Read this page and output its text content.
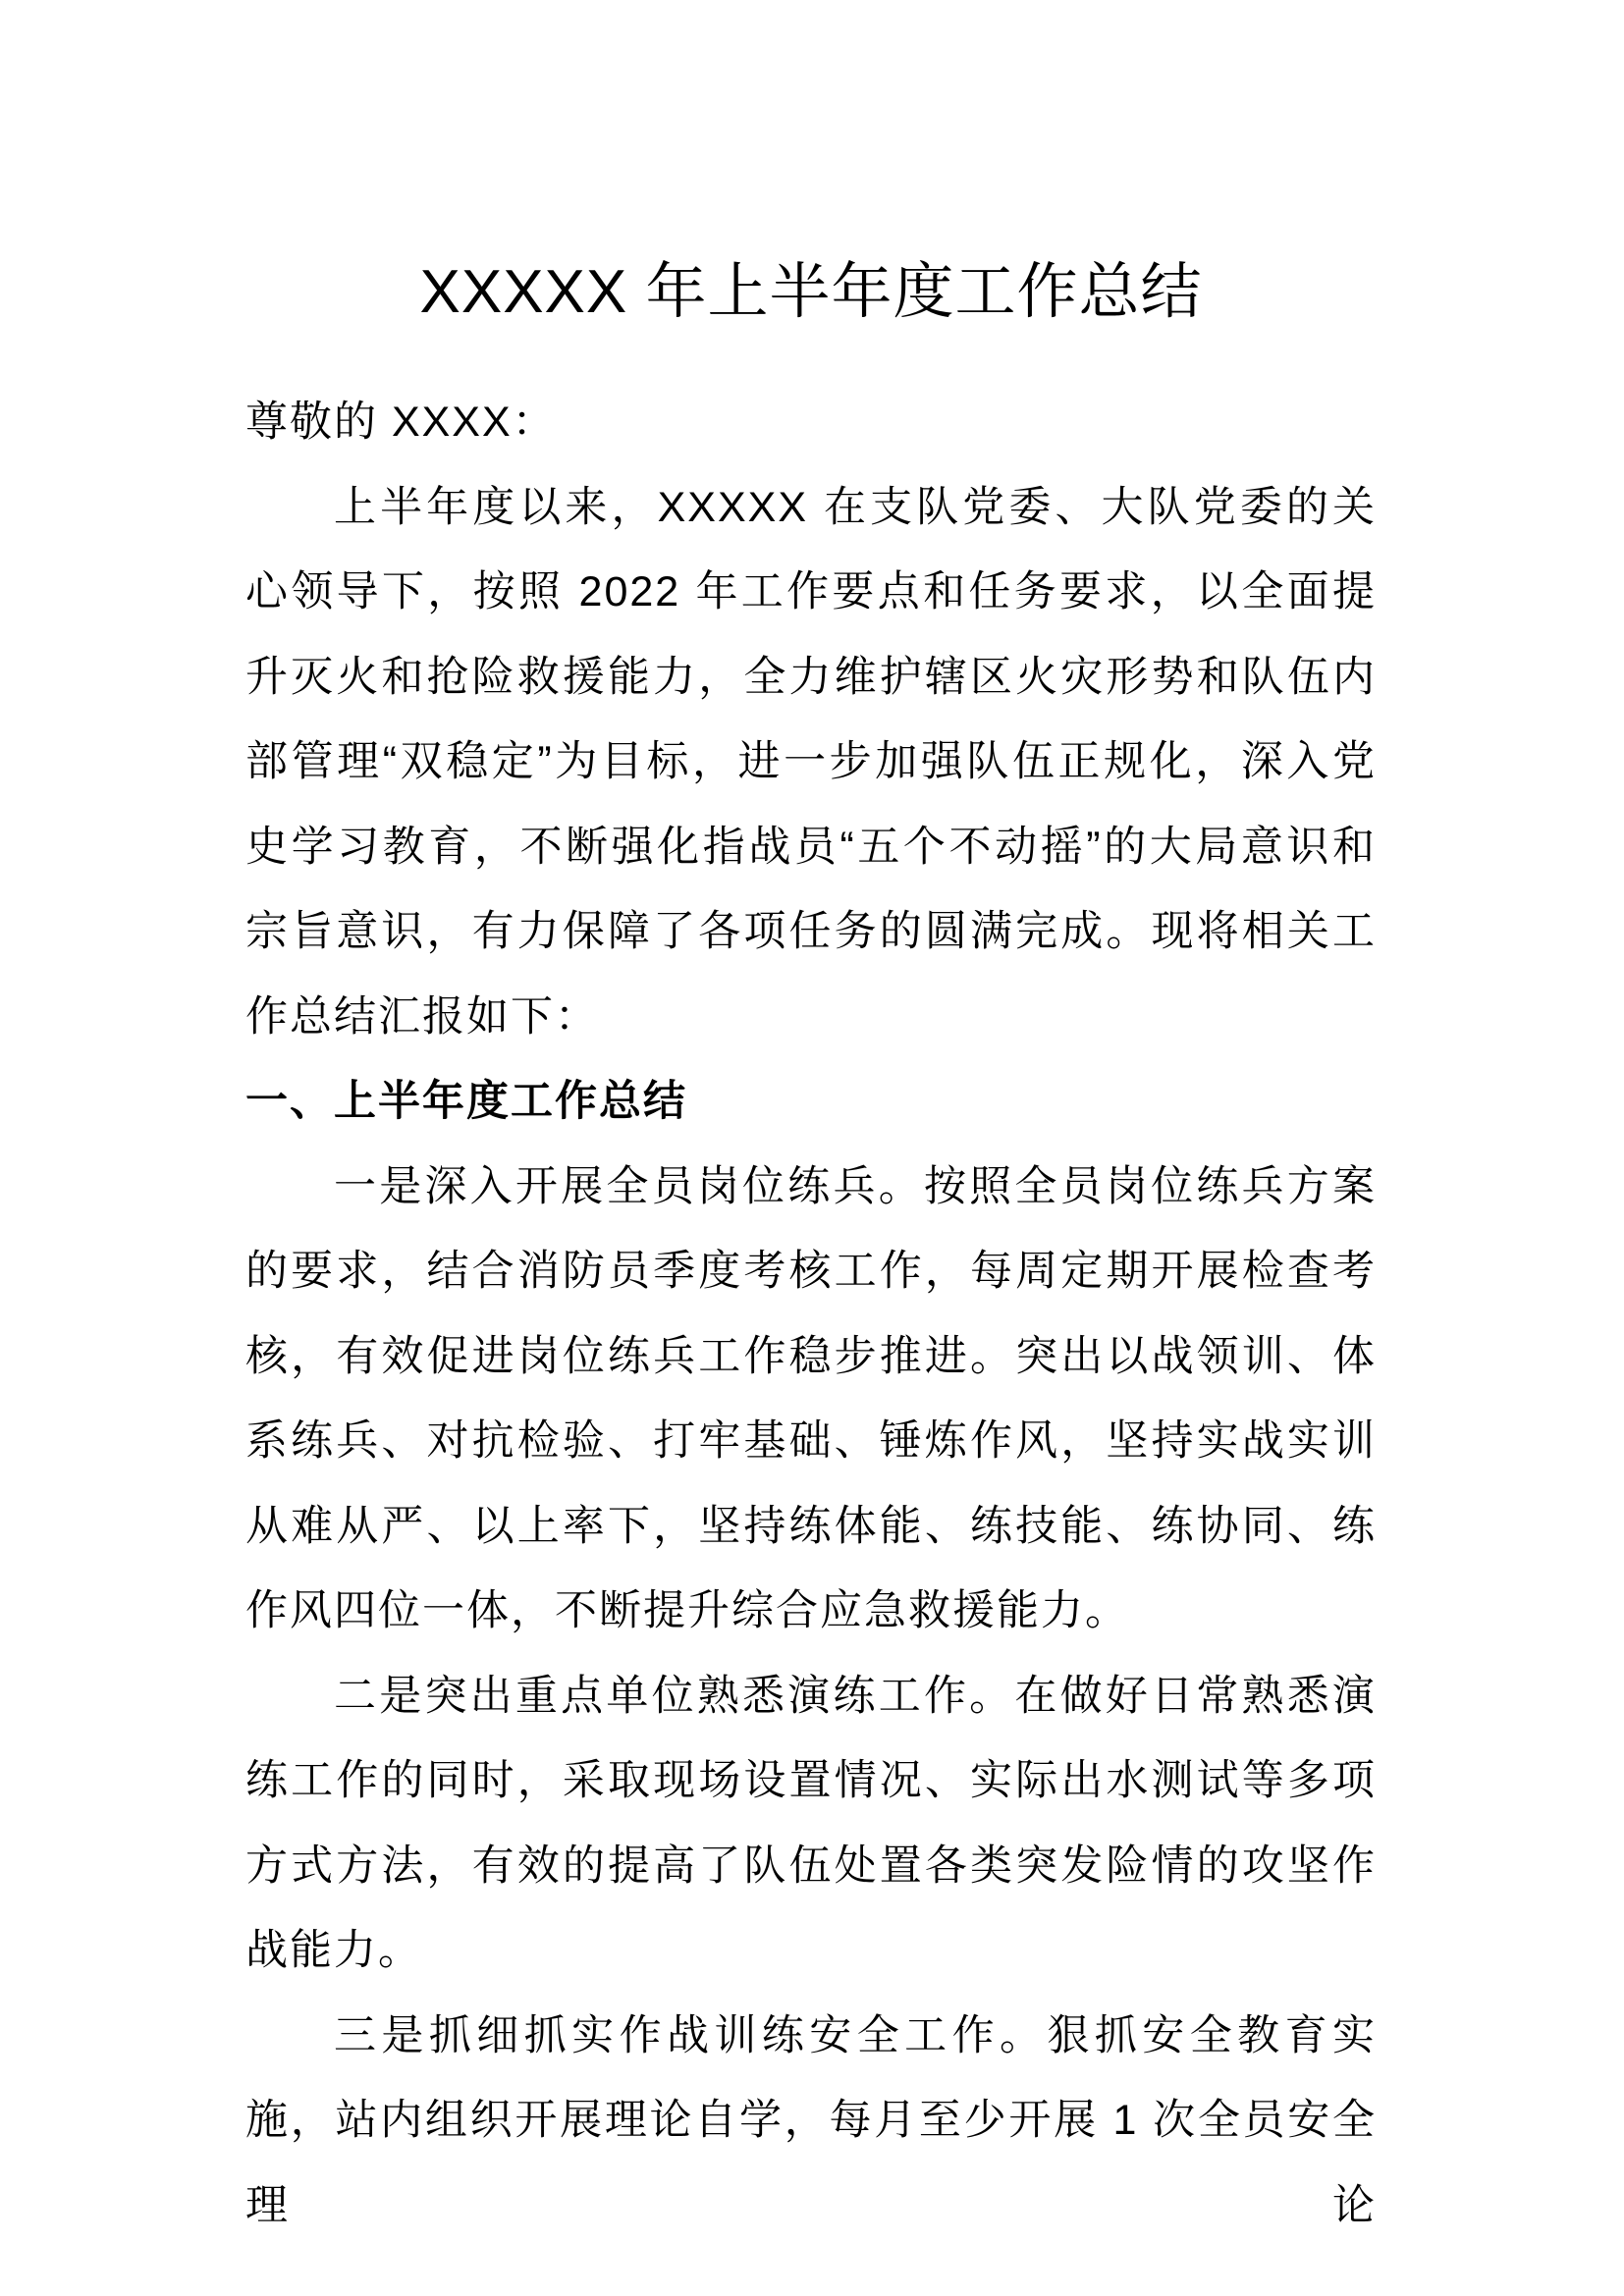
XXXXX 年上半年度工作总结

尊敬的 XXXX：

上半年度以来，XXXXX 在支队党委、大队党委的关心领导下，按照 2022 年工作要点和任务要求，以全面提升灭火和抢险救援能力，全力维护辖区火灾形势和队伍内部管理“双稳定”为目标，进一步加强队伍正规化，深入党史学习教育，不断强化指战员“五个不动摇”的大局意识和宗旨意识，有力保障了各项任务的圆满完成。现将相关工作总结汇报如下：

一、上半年度工作总结

一是深入开展全员岗位练兵。按照全员岗位练兵方案的要求，结合消防员季度考核工作，每周定期开展检查考核，有效促进岗位练兵工作稳步推进。突出以战领训、体系练兵、对抗检验、打牢基础、锤炼作风，坚持实战实训从难从严、以上率下，坚持练体能、练技能、练协同、练作风四位一体，不断提升综合应急救援能力。

二是突出重点单位熟悉演练工作。在做好日常熟悉演练工作的同时，采取现场设置情况、实际出水测试等多项方式方法，有效的提高了队伍处置各类突发险情的攻坚作战能力。

三是抓细抓实作战训练安全工作。狠抓安全教育实施，站内组织开展理论自学，每月至少开展 1 次全员安全理论
